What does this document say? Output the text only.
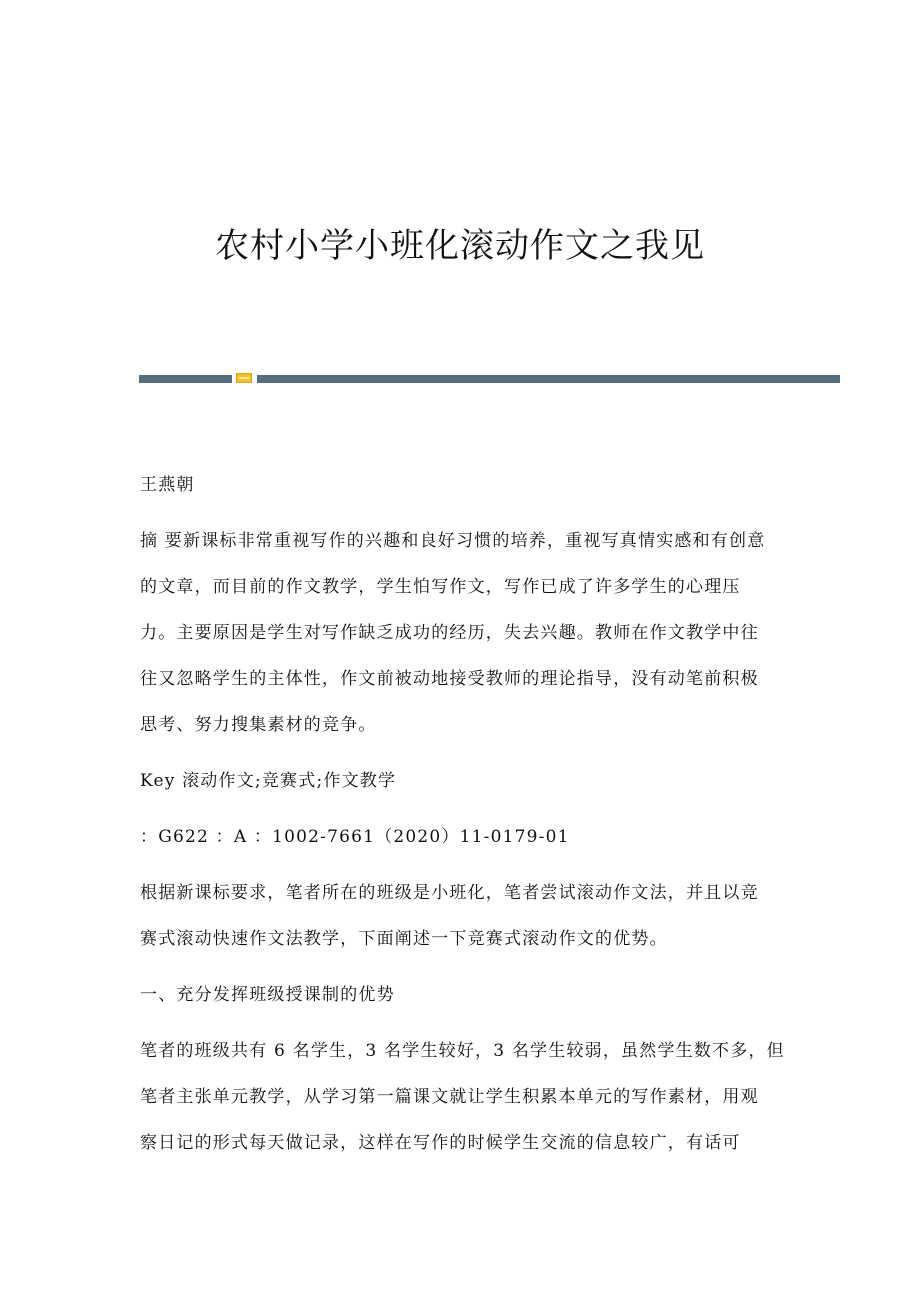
农村小学小班化滚动作文之我见
王燕朝
摘 要新课标非常重视写作的兴趣和良好习惯的培养，重视写真情实感和有创意
的文章，而目前的作文教学，学生怕写作文，写作已成了许多学生的心理压
力。主要原因是学生对写作缺乏成功的经历，失去兴趣。教师在作文教学中往
往又忽略学生的主体性，作文前被动地接受教师的理论指导，没有动笔前积极
思考、努力搜集素材的竞争。
Key 滚动作文;竞赛式;作文教学
：G622 ：A ：1002-7661（2020）11-0179-01
根据新课标要求，笔者所在的班级是小班化，笔者尝试滚动作文法，并且以竞
赛式滚动快速作文法教学，下面阐述一下竞赛式滚动作文的优势。
一、充分发挥班级授课制的优势
笔者的班级共有 6 名学生，3 名学生较好，3 名学生较弱，虽然学生数不多，但
笔者主张单元教学，从学习第一篇课文就让学生积累本单元的写作素材，用观
察日记的形式每天做记录，这样在写作的时候学生交流的信息较广，有话可
